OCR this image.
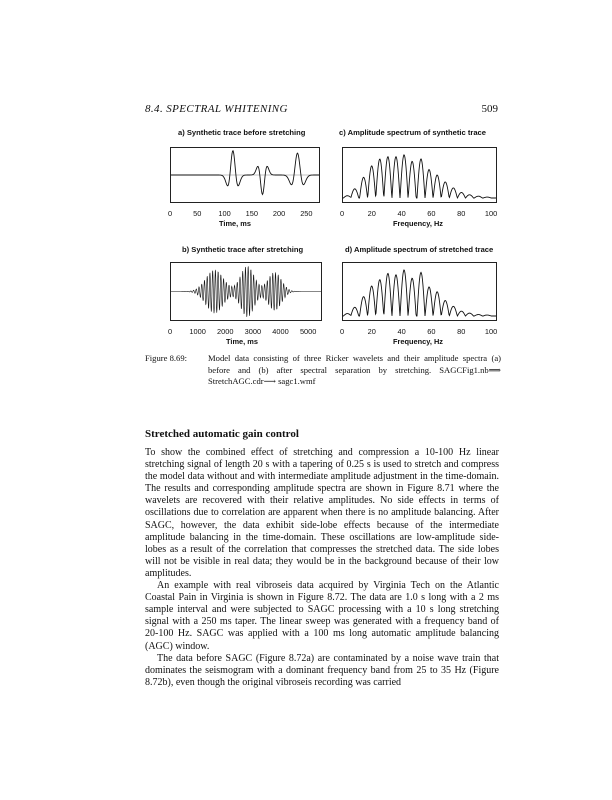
8.4. SPECTRAL WHITENING	509
a) Synthetic trace before stretching
0	50 100 150 200 250
Time, ms
c) Amplitude spectrum of synthetic trace
0	20	40	60	80	100
Frequency, Hz
b) Synthetic trace after stretching
0 1000 2000 3000 4000 5000
Time, ms
d) Amplitude spectrum of stretched trace
0	20	40	60	80	100
Frequency, Hz
Figure 8.69: Model data consisting of three Ricker wavelets and their amplitude spectra (a) before and (b) after spectral separation by stretching. SAGCFig1.nb⟹ StretchAGC.cdr⟶ sagc1.wmf
Stretched automatic gain control

To show the combined effect of stretching and compression a 10-100 Hz linear stretching signal of length 20 s with a tapering of 0.25 s is used to stretch and compress the model data without and with intermediate amplitude adjustment in the time-domain. The results and corresponding amplitude spectra are shown in Figure 8.71 where the wavelets are recovered with their relative amplitudes. No side effects in terms of oscillations due to correlation are apparent when there is no amplitude balancing. After SAGC, however, the data exhibit side-lobe effects because of the intermediate amplitude balancing in the time-domain. These oscillations are low-amplitude side-lobes as a result of the correlation that compresses the stretched data. The side lobes will not be visible in real data; they would be in the background because of their low amplitudes.

An example with real vibroseis data acquired by Virginia Tech on the Atlantic Coastal Pain in Virginia is shown in Figure 8.72. The data are 1.0 s long with a 2 ms sample interval and were subjected to SAGC processing with a 10 s long stretching signal with a 250 ms taper. The linear sweep was generated with a frequency band of 20-100 Hz. SAGC was applied with a 100 ms long automatic amplitude balancing (AGC) window.

The data before SAGC (Figure 8.72a) are contaminated by a noise wave train that dominates the seismogram with a dominant frequency band from 25 to 35 Hz (Figure 8.72b), even though the original vibroseis recording was carried
